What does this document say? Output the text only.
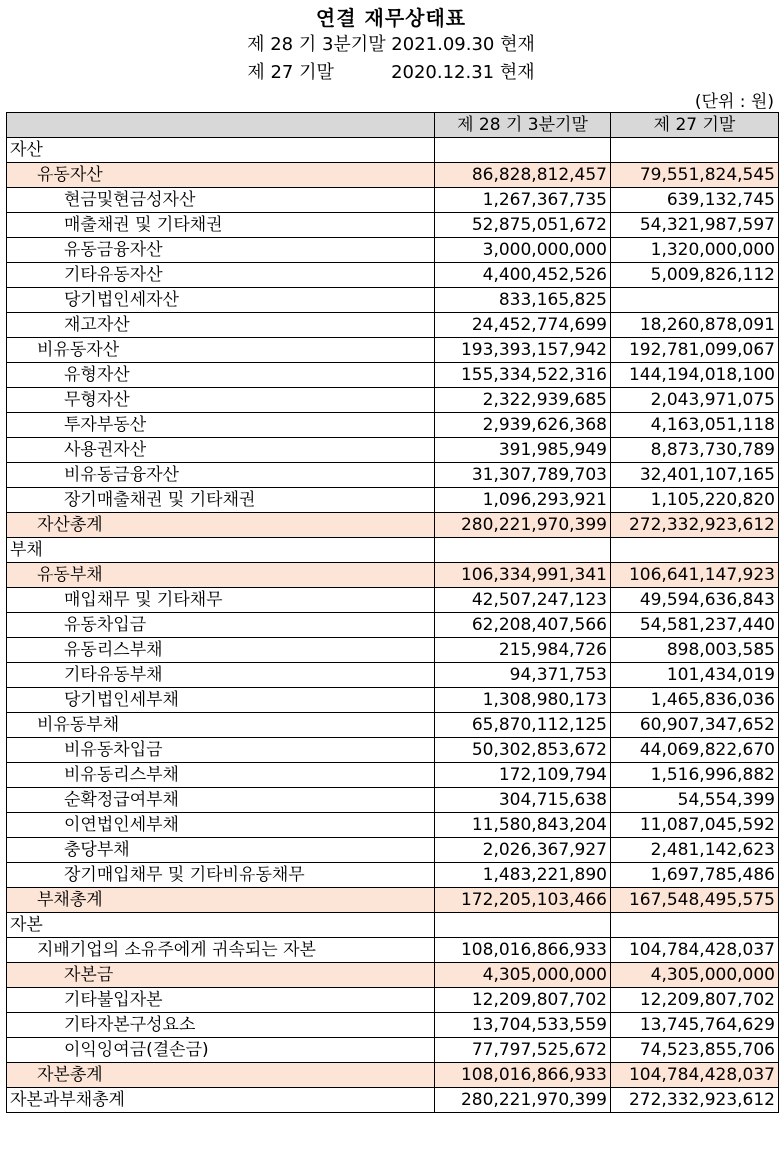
연결 재무상태표
제 28 기 3분기말 2021.09.30 현재
제 27 기말          2020.12.31 현재
(단위 : 원)
	제 28 기 3분기말	제 27 기말
자산		
유동자산	86,828,812,457	79,551,824,545
현금및현금성자산	1,267,367,735	639,132,745
매출채권 및 기타채권	52,875,051,672	54,321,987,597
유동금융자산	3,000,000,000	1,320,000,000
기타유동자산	4,400,452,526	5,009,826,112
당기법인세자산	833,165,825	
재고자산	24,452,774,699	18,260,878,091
비유동자산	193,393,157,942	192,781,099,067
유형자산	155,334,522,316	144,194,018,100
무형자산	2,322,939,685	2,043,971,075
투자부동산	2,939,626,368	4,163,051,118
사용권자산	391,985,949	8,873,730,789
비유동금융자산	31,307,789,703	32,401,107,165
장기매출채권 및 기타채권	1,096,293,921	1,105,220,820
자산총계	280,221,970,399	272,332,923,612
부채		
유동부채	106,334,991,341	106,641,147,923
매입채무 및 기타채무	42,507,247,123	49,594,636,843
유동차입금	62,208,407,566	54,581,237,440
유동리스부채	215,984,726	898,003,585
기타유동부채	94,371,753	101,434,019
당기법인세부채	1,308,980,173	1,465,836,036
비유동부채	65,870,112,125	60,907,347,652
비유동차입금	50,302,853,672	44,069,822,670
비유동리스부채	172,109,794	1,516,996,882
순확정급여부채	304,715,638	54,554,399
이연법인세부채	11,580,843,204	11,087,045,592
충당부채	2,026,367,927	2,481,142,623
장기매입채무 및 기타비유동채무	1,483,221,890	1,697,785,486
부채총계	172,205,103,466	167,548,495,575
자본		
지배기업의 소유주에게 귀속되는 자본	108,016,866,933	104,784,428,037
자본금	4,305,000,000	4,305,000,000
기타불입자본	12,209,807,702	12,209,807,702
기타자본구성요소	13,704,533,559	13,745,764,629
이익잉여금(결손금)	77,797,525,672	74,523,855,706
자본총계	108,016,866,933	104,784,428,037
자본과부채총계	280,221,970,399	272,332,923,612
